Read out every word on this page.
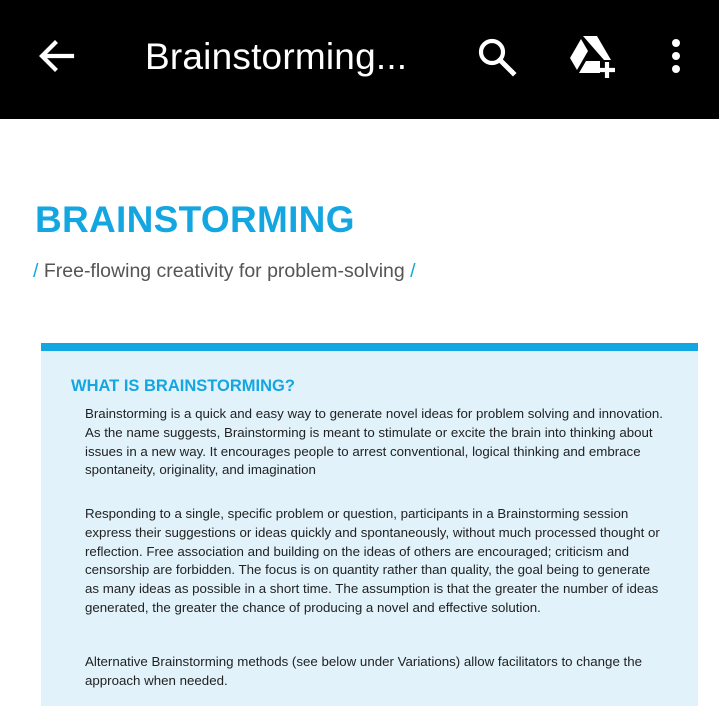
Brainstorming...
BRAINSTORMING
/ Free-flowing creativity for problem-solving /
WHAT IS BRAINSTORMING?
Brainstorming is a quick and easy way to generate novel ideas for problem solving and innovation. As the name suggests, Brainstorming is meant to stimulate or excite the brain into thinking about issues in a new way. It encourages people to arrest conventional, logical thinking and embrace spontaneity, originality, and imagination
Responding to a single, specific problem or question, participants in a Brainstorming session express their suggestions or ideas quickly and spontaneously, without much processed thought or reflection. Free association and building on the ideas of others are encouraged; criticism and censorship are forbidden. The focus is on quantity rather than quality, the goal being to generate as many ideas as possible in a short time. The assumption is that the greater the number of ideas generated, the greater the chance of producing a novel and effective solution.
Alternative Brainstorming methods (see below under Variations) allow facilitators to change the approach when needed.
